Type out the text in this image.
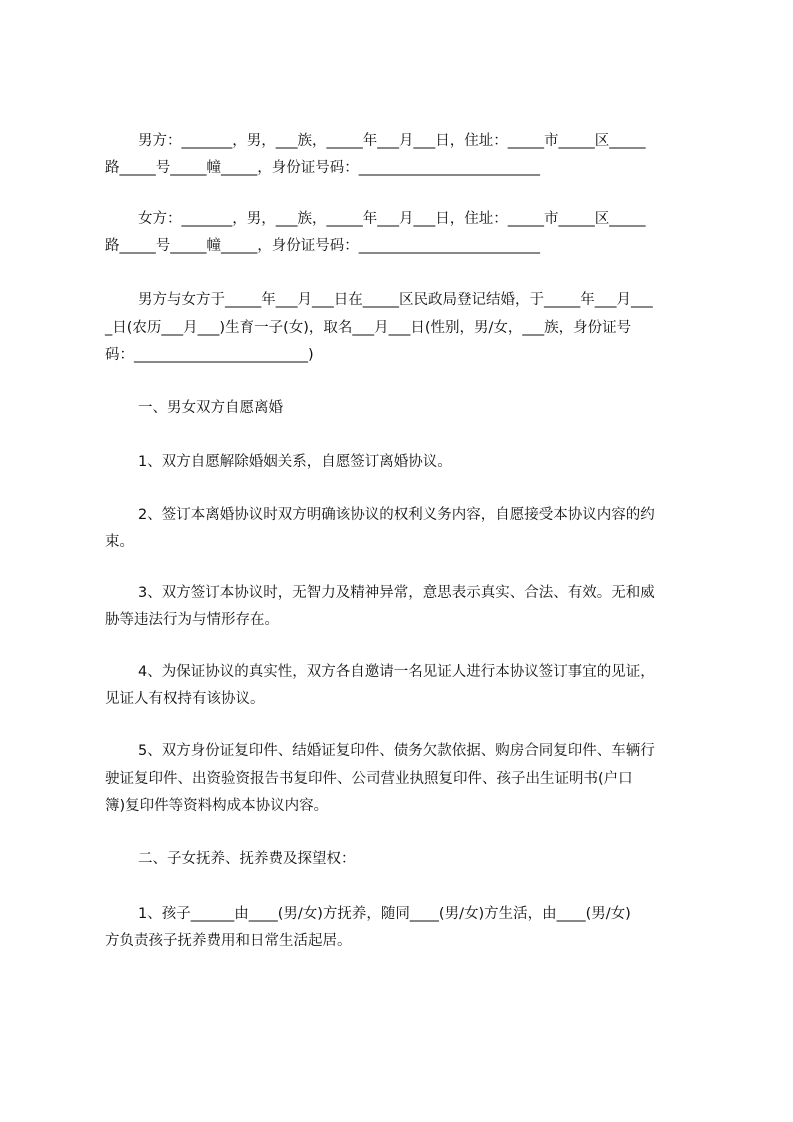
男方：_______，男，___族，_____年___月___日，住址：_____市_____区_____
路_____号_____幢_____，身份证号码：_________________________
女方：_______，男，___族，_____年___月___日，住址：_____市_____区_____
路_____号_____幢_____，身份证号码：_________________________
男方与女方于_____年___月___日在_____区民政局登记结婚，于_____年___月___
_日(农历___月___)生育一子(女)，取名___月___日(性别，男/女，___族，身份证号
码：________________________)
一、男女双方自愿离婚
1、双方自愿解除婚姻关系，自愿签订离婚协议。
2、签订本离婚协议时双方明确该协议的权利义务内容，自愿接受本协议内容的约
束。
3、双方签订本协议时，无智力及精神异常，意思表示真实、合法、有效。无和威
胁等违法行为与情形存在。
4、为保证协议的真实性，双方各自邀请一名见证人进行本协议签订事宜的见证，
见证人有权持有该协议。
5、双方身份证复印件、结婚证复印件、债务欠款依据、购房合同复印件、车辆行
驶证复印件、出资验资报告书复印件、公司营业执照复印件、孩子出生证明书(户口
簿)复印件等资料构成本协议内容。
二、子女抚养、抚养费及探望权：
1、孩子______由____(男/女)方抚养，随同____(男/女)方生活，由____(男/女)
方负责孩子抚养费用和日常生活起居。
